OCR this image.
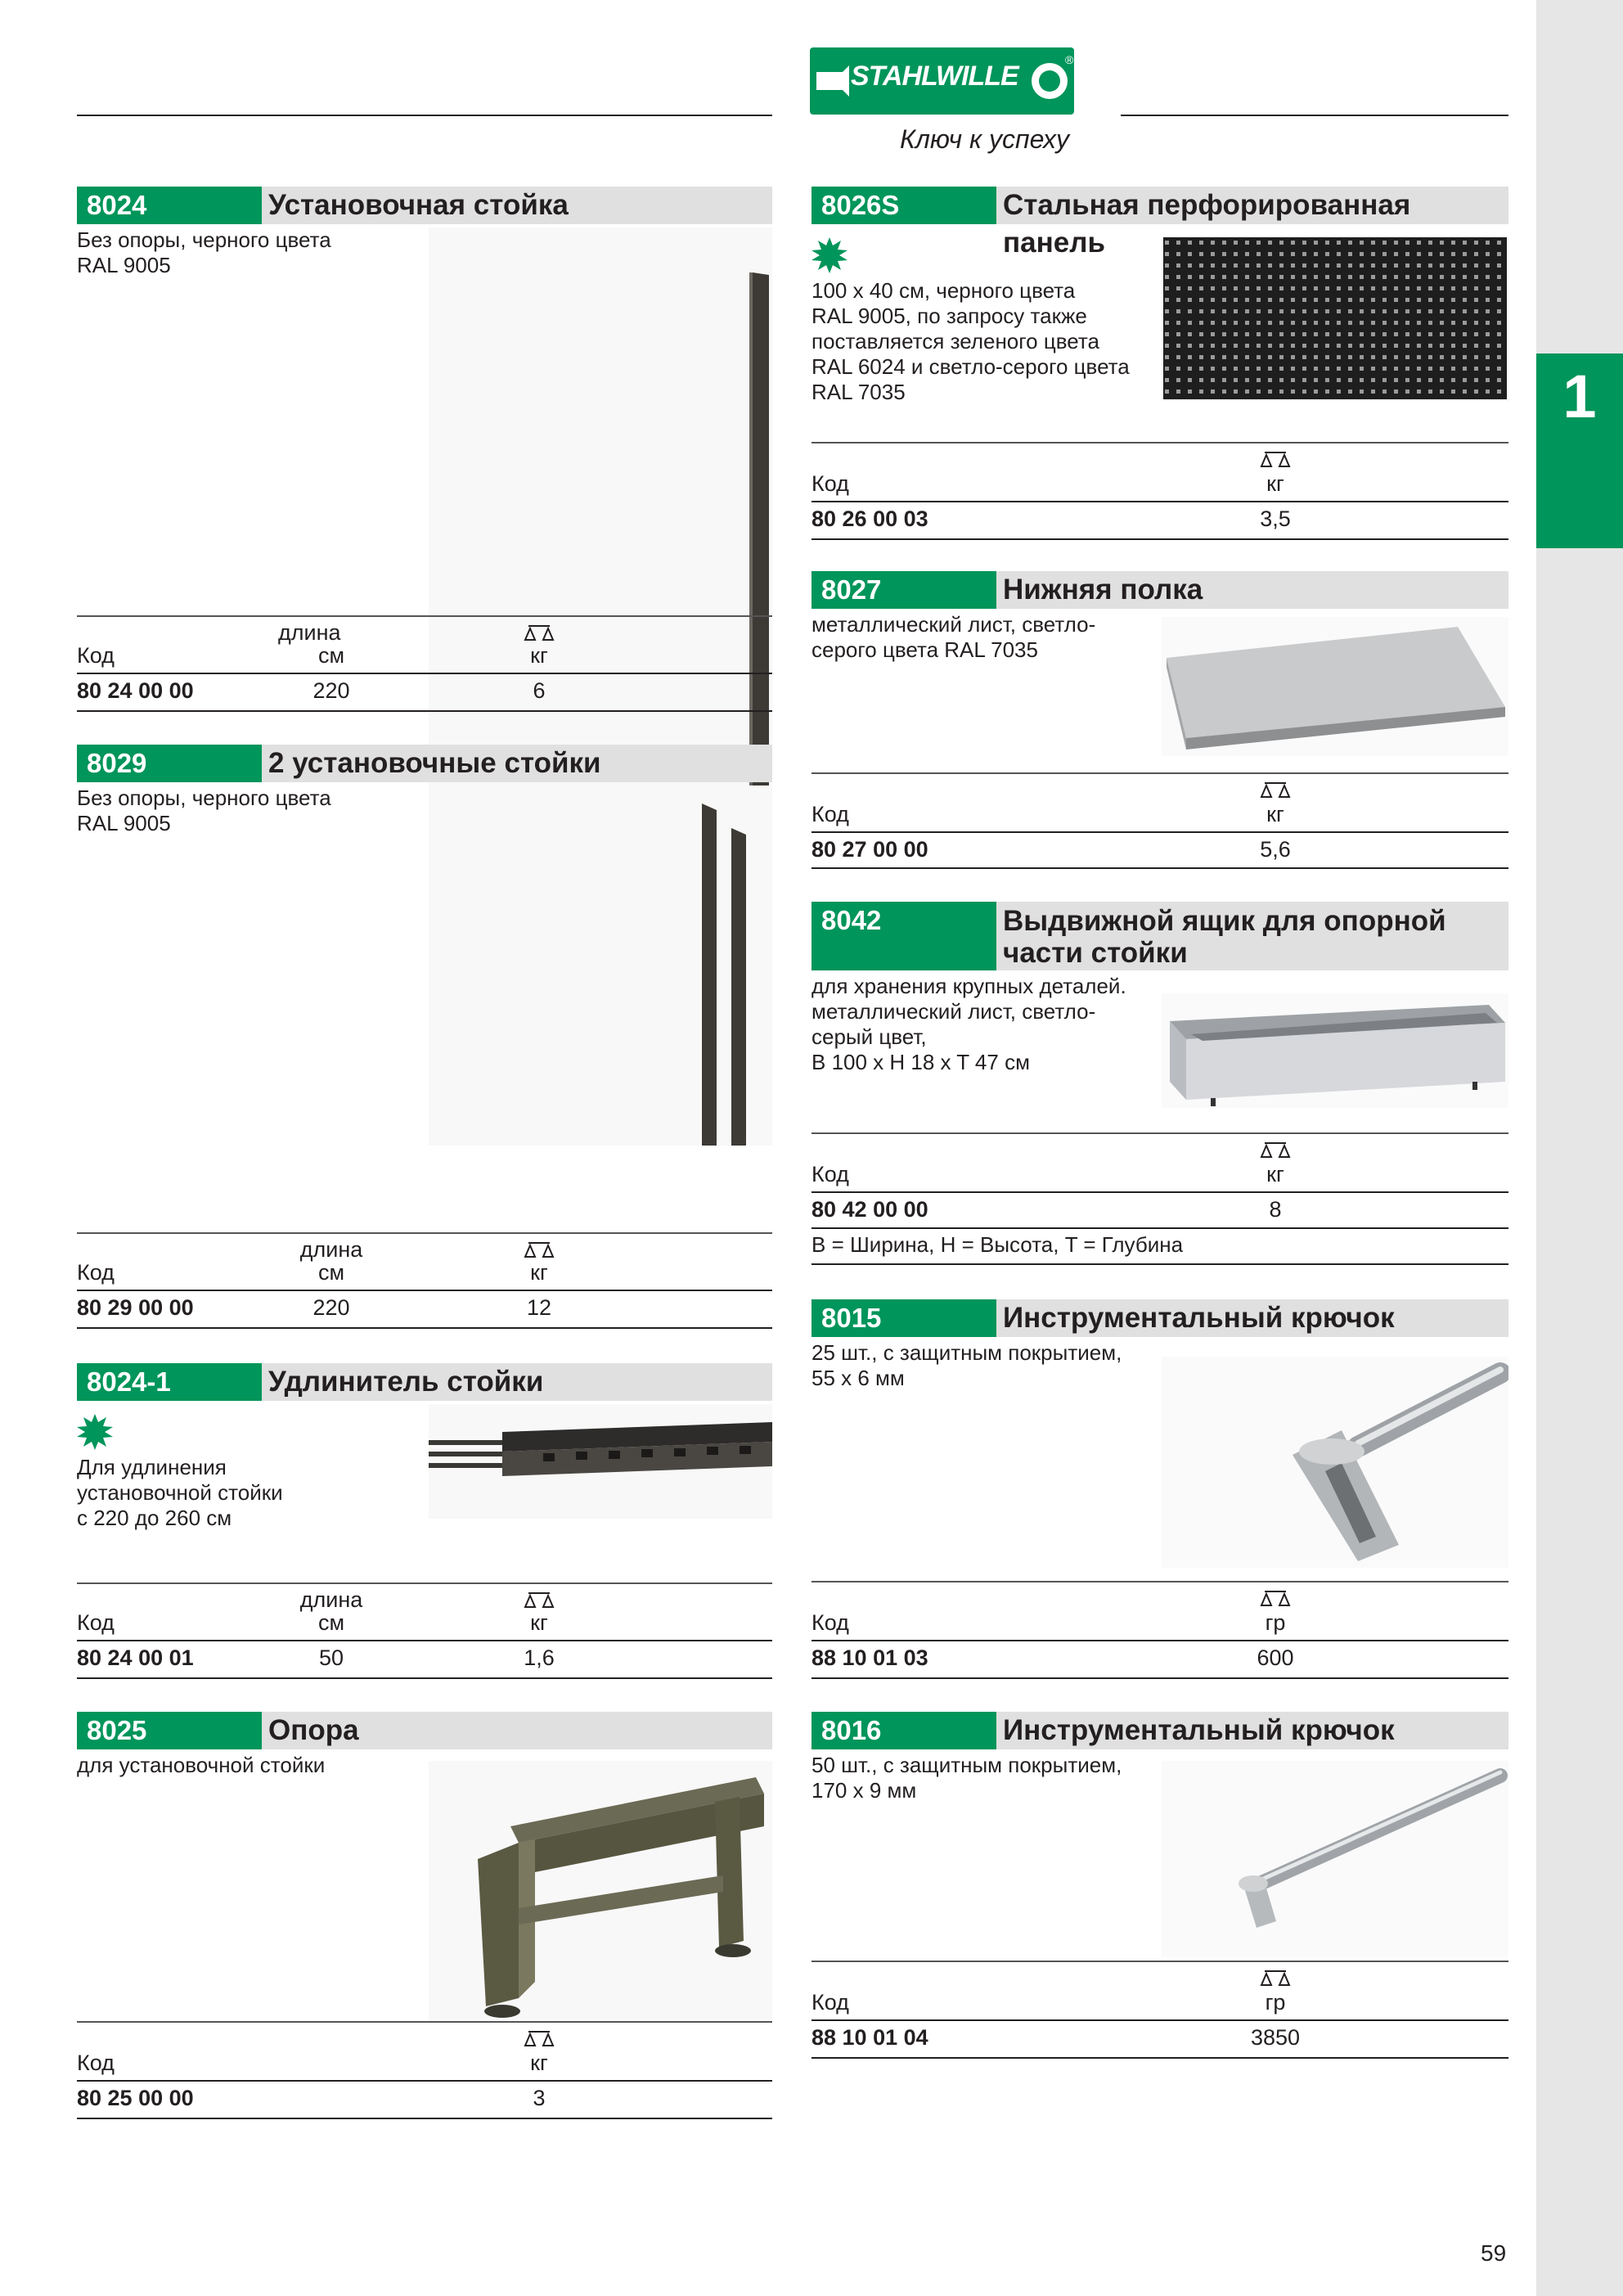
1
®
STAHLWILLE
Ключ к успеху
8024	Установочная стойка
Без опоры, черного цвета
RAL 9005
длина
Код	см	кг
80 24 00 00	220	6
8029	2 установочные стойки
Без опоры, черного цвета
RAL 9005
длина
Код	см	кг
80 29 00 00	220	12
8024-1	Удлинитель стойки
Для удлинения
установочной стойки
с 220 до 260 см
длина
Код	см	кг
80 24 00 01	50	1,6
8025	Опора
для установочной стойки
Код	кг
80 25 00 00	3
8026S	Стальная перфорированная панель
100 x 40 см, черного цвета
RAL 9005, по запросу также
поставляется зеленого цвета
RAL 6024 и светло-серого цвета
RAL 7035
Код	кг
80 26 00 03	3,5
8027	Нижняя полка
металлический лист, светло-
серого цвета RAL 7035
Код	кг
80 27 00 00	5,6
8042	Выдвижной ящик для опорной
части стойки
для хранения крупных деталей.
металлический лист, светло-
серый цвет,
В 100 x H 18 x T 47 см
Код	кг
80 42 00 00	8
В = Ширина, H = Высота, T = Глубина
8015	Инструментальный крючок
25 шт., с защитным покрытием,
55 x 6 мм
Код	гр
88 10 01 03	600
8016	Инструментальный крючок
50 шт., с защитным покрытием,
170 x 9 мм
Код	гр
88 10 01 04	3850
59
